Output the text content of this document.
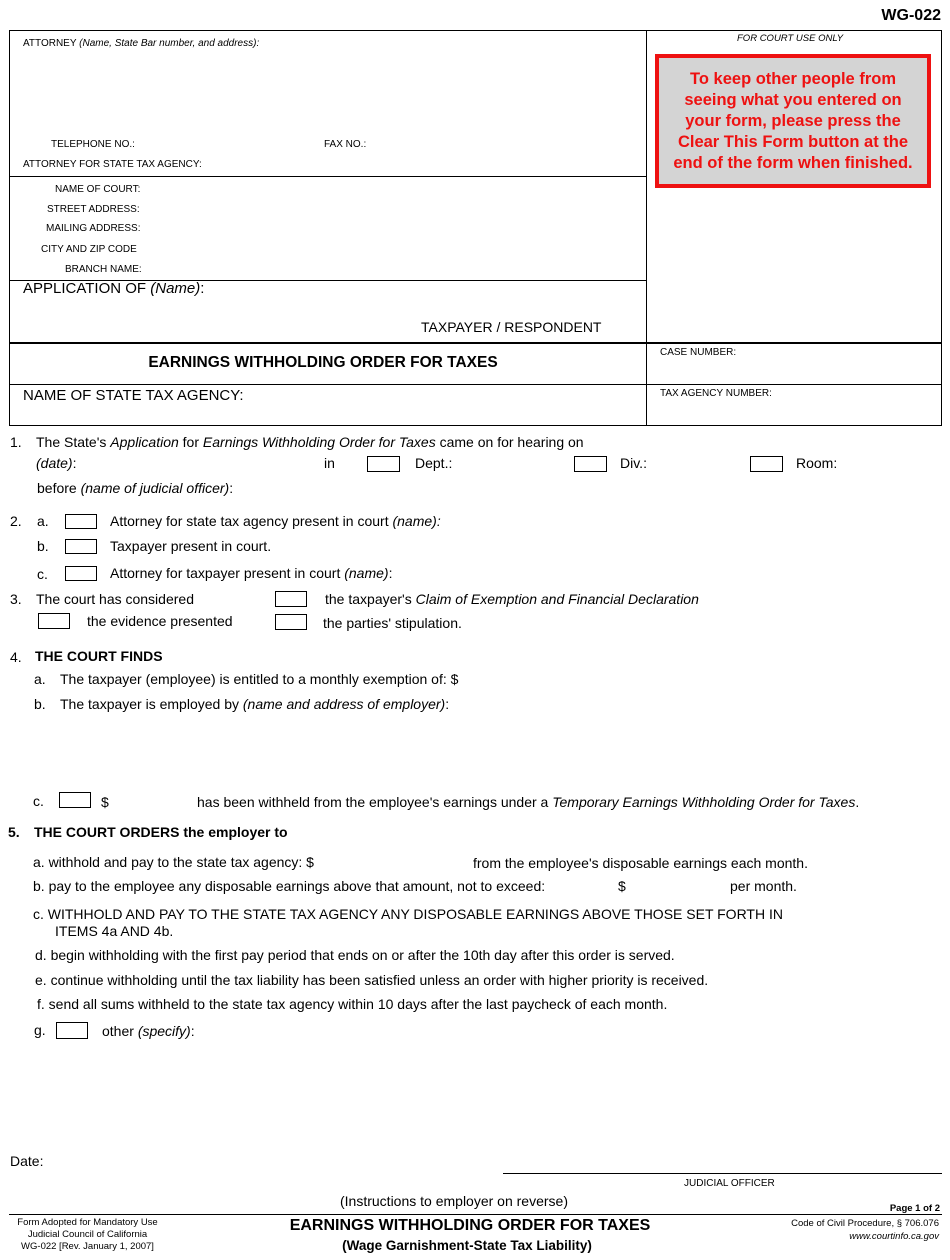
WG-022
FOR COURT USE ONLY
ATTORNEY (Name, State Bar number, and address):
TELEPHONE NO.:	FAX NO.:
ATTORNEY FOR STATE TAX AGENCY:
NAME OF COURT:
STREET ADDRESS:
MAILING ADDRESS:
CITY AND ZIP CODE
BRANCH NAME:
APPLICATION OF (Name):
TAXPAYER / RESPONDENT
EARNINGS WITHHOLDING ORDER FOR TAXES
CASE NUMBER:
NAME OF STATE TAX AGENCY:	TAX AGENCY NUMBER:
To keep other people from
seeing what you entered on
your form, please press the
Clear This Form button at the
end of the form when finished.
1. The State's Application for Earnings Withholding Order for Taxes came on for hearing on
(date):	in	Dept.:	Div.:	Room:
before (name of judicial officer):
2. a.	Attorney for state tax agency present in court (name):
b.	Taxpayer present in court.
c.	Attorney for taxpayer present in court (name):
3. The court has considered	the taxpayer's Claim of Exemption and Financial Declaration
the evidence presented	the parties' stipulation.
4. THE COURT FINDS
a. The taxpayer (employee) is entitled to a monthly exemption of: $
b. The taxpayer is employed by (name and address of employer):
c.	$	has been withheld from the employee's earnings under a Temporary Earnings Withholding Order for Taxes.
5. THE COURT ORDERS the employer to
a. withhold and pay to the state tax agency: $	from the employee's disposable earnings each month.
b. pay to the employee any disposable earnings above that amount, not to exceed:	$	per month.
c. WITHHOLD AND PAY TO THE STATE TAX AGENCY ANY DISPOSABLE EARNINGS ABOVE THOSE SET FORTH IN
ITEMS 4a AND 4b.
d. begin withholding with the first pay period that ends on or after the 10th day after this order is served.
e. continue withholding until the tax liability has been satisfied unless an order with higher priority is received.
f. send all sums withheld to the state tax agency within 10 days after the last paycheck of each month.
g.	other (specify):
Date:
JUDICIAL OFFICER
(Instructions to employer on reverse)	Page 1 of 2
Form Adopted for Mandatory Use
Judicial Council of California
WG-022 [Rev. January 1, 2007]
EARNINGS WITHHOLDING ORDER FOR TAXES
(Wage Garnishment-State Tax Liability)
Code of Civil Procedure, § 706.076
www.courtinfo.ca.gov
